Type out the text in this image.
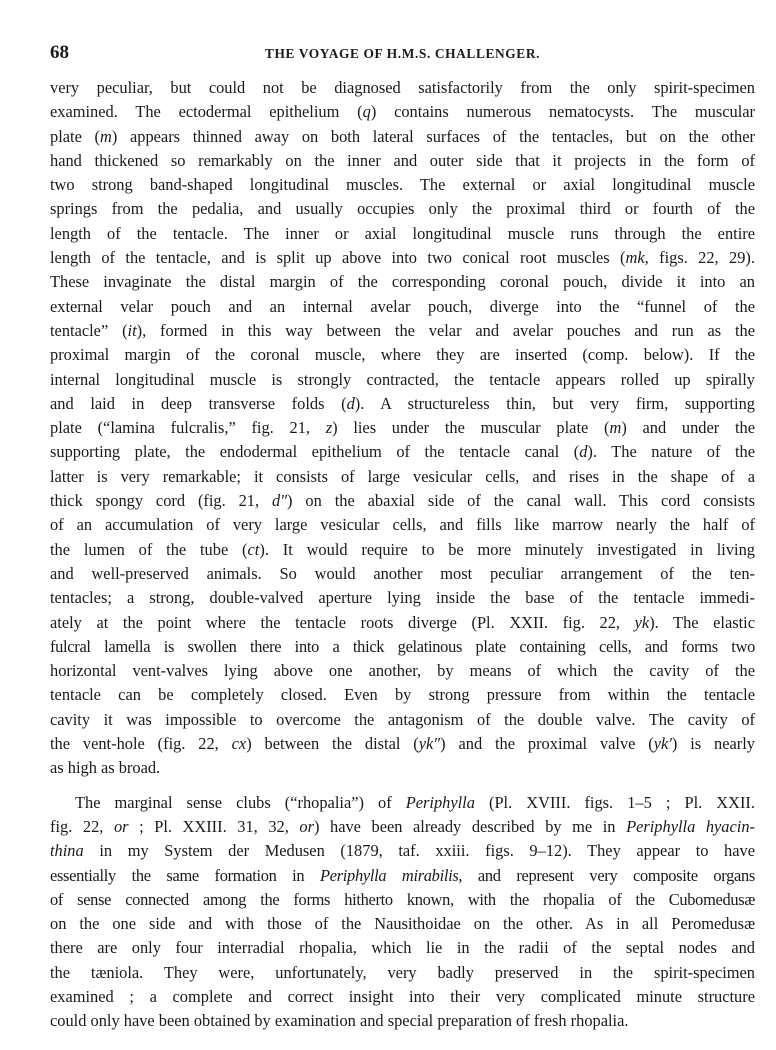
68	THE VOYAGE OF H.M.S. CHALLENGER.

very peculiar, but could not be diagnosed satisfactorily from the only spirit-specimen

examined. The ectodermal epithelium (q) contains numerous nematocysts. The muscular

plate (m) appears thinned away on both lateral surfaces of the tentacles, but on the other

hand thickened so remarkably on the inner and outer side that it projects in the form of

two strong band-shaped longitudinal muscles. The external or axial longitudinal muscle

springs from the pedalia, and usually occupies only the proximal third or fourth of the

length of the tentacle. The inner or axial longitudinal muscle runs through the entire

length of the tentacle, and is split up above into two conical root muscles (mk, figs. 22, 29).

These invaginate the distal margin of the corresponding coronal pouch, divide it into an

external velar pouch and an internal avelar pouch, diverge into the “funnel of the

tentacle” (it), formed in this way between the velar and avelar pouches and run as the

proximal margin of the coronal muscle, where they are inserted (comp. below). If the

internal longitudinal muscle is strongly contracted, the tentacle appears rolled up spirally

and laid in deep transverse folds (d). A structureless thin, but very firm, supporting

plate (“lamina fulcralis,” fig. 21, z) lies under the muscular plate (m) and under the

supporting plate, the endodermal epithelium of the tentacle canal (d). The nature of the

latter is very remarkable; it consists of large vesicular cells, and rises in the shape of a

thick spongy cord (fig. 21, d″) on the abaxial side of the canal wall. This cord consists

of an accumulation of very large vesicular cells, and fills like marrow nearly the half of

the lumen of the tube (ct). It would require to be more minutely investigated in living

and well-preserved animals. So would another most peculiar arrangement of the ten-

tentacles; a strong, double-valved aperture lying inside the base of the tentacle immedi-

ately at the point where the tentacle roots diverge (Pl. XXII. fig. 22, yk). The elastic

fulcral lamella is swollen there into a thick gelatinous plate containing cells, and forms two

horizontal vent-valves lying above one another, by means of which the cavity of the

tentacle can be completely closed. Even by strong pressure from within the tentacle

cavity it was impossible to overcome the antagonism of the double valve. The cavity of

the vent-hole (fig. 22, cx) between the distal (yk″) and the proximal valve (yk′) is nearly

as high as broad.

The marginal sense clubs (“rhopalia”) of Periphylla (Pl. XVIII. figs. 1–5 ; Pl. XXII.

fig. 22, or ; Pl. XXIII. 31, 32, or) have been already described by me in Periphylla hyacin-

thina in my System der Medusen (1879, taf. xxiii. figs. 9–12). They appear to have

essentially the same formation in Periphylla mirabilis, and represent very composite organs

of sense connected among the forms hitherto known, with the rhopalia of the Cubomedusæ

on the one side and with those of the Nausithoidae on the other. As in all Peromedusæ

there are only four interradial rhopalia, which lie in the radii of the septal nodes and

the tæniola. They were, unfortunately, very badly preserved in the spirit-specimen

examined ; a complete and correct insight into their very complicated minute structure

could only have been obtained by examination and special preparation of fresh rhopalia.
